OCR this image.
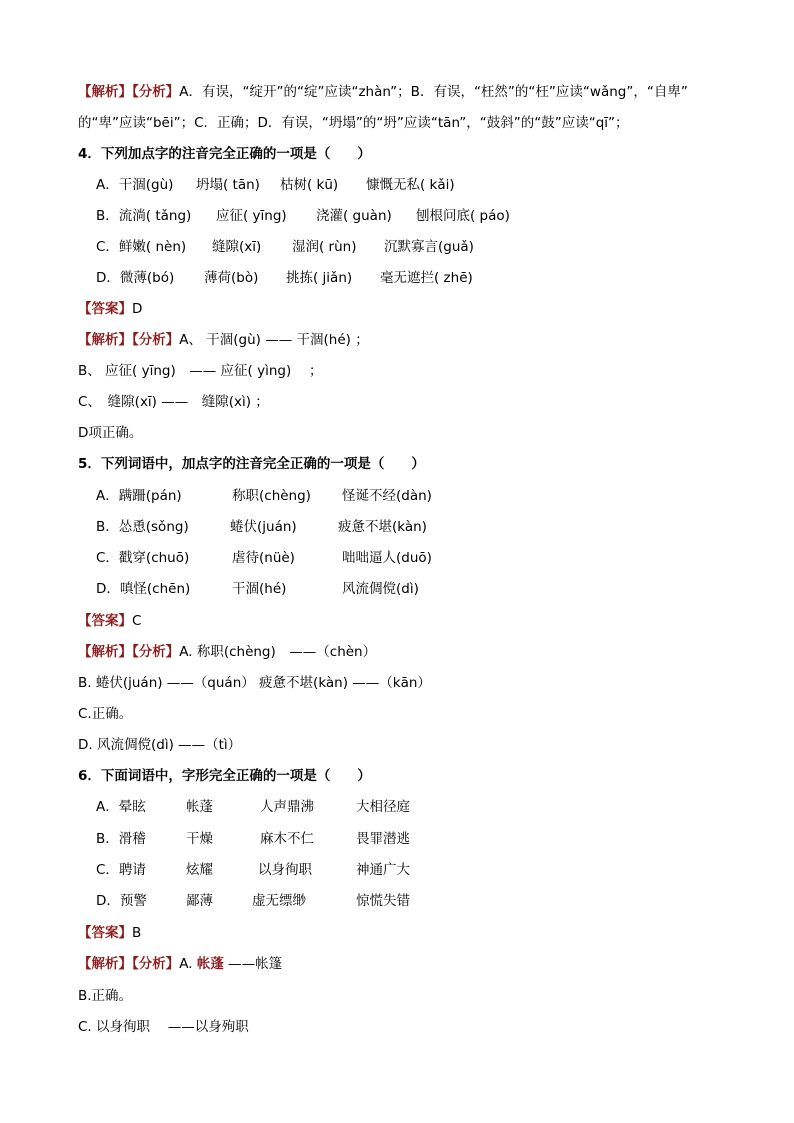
【解析】【分析】A．有误，“绽开”的“绽”应读“zhàn”；B．有误，“枉然”的“枉”应读“wǎng”，“自卑”
的“卑”应读“bēi”；C．正确；D．有误，“坍塌”的“坍”应读“tān”，“鼓斜”的“鼓”应读“qī”；
4．下列加点字的注音完全正确的一项是（　　）
A．干涸(gù) 坍塌( tān) 枯树( kū) 慷慨无私( kǎi)
B．流淌( tǎng) 应征( yīng) 浇灌( guàn) 刨根问底( páo)
C．鲜嫩( nèn) 缝隙(xī) 湿润( rùn) 沉默寡言(guǎ)
D．微薄(bó) 薄荷(bò) 挑拣( jiǎn) 毫无遮拦( zhē)
【答案】D
【解析】【分析】A、 干涸(gù) —— 干涸(hé) ；
B、 应征( yīng)　—— 应征( yìng)　 ；
C、　缝隙(xī) ——　缝隙(xì) ；
D项正确。
5．下列词语中，加点字的注音完全正确的一项是（　　）
A．蹒跚(pán)	称职(chèng) 怪诞不经(dàn)
B．怂恿(sǒng)	蜷伏(juán)	疲惫不堪(kàn)
C．戳穿(chuō)	虐待(nüè)	咄咄逼人(duō)
D．嗔怪(chēn)	干涸(hé)	风流倜傥(dì)
【答案】C
【解析】【分析】A. 称职(chèng)　——（chèn）
B. 蜷伏(juán) ——（quán） 疲惫不堪(kàn) ——（kān）
C.正确。
D. 风流倜傥(dì) ——（tì）
6．下面词语中，字形完全正确的一项是（　　）
A．晕眩	帐蓬	人声鼎沸	大相径庭
B．滑稽	干燥	麻木不仁	畏罪潜逃
C．聘请	炫耀	以身徇职	神通广大
D．预警	鄙薄	虚无缥缈	惊慌失错
【答案】B
【解析】【分析】A. 帐蓬 ——帐篷
B.正确。
C. 以身徇职　 ——以身殉职
